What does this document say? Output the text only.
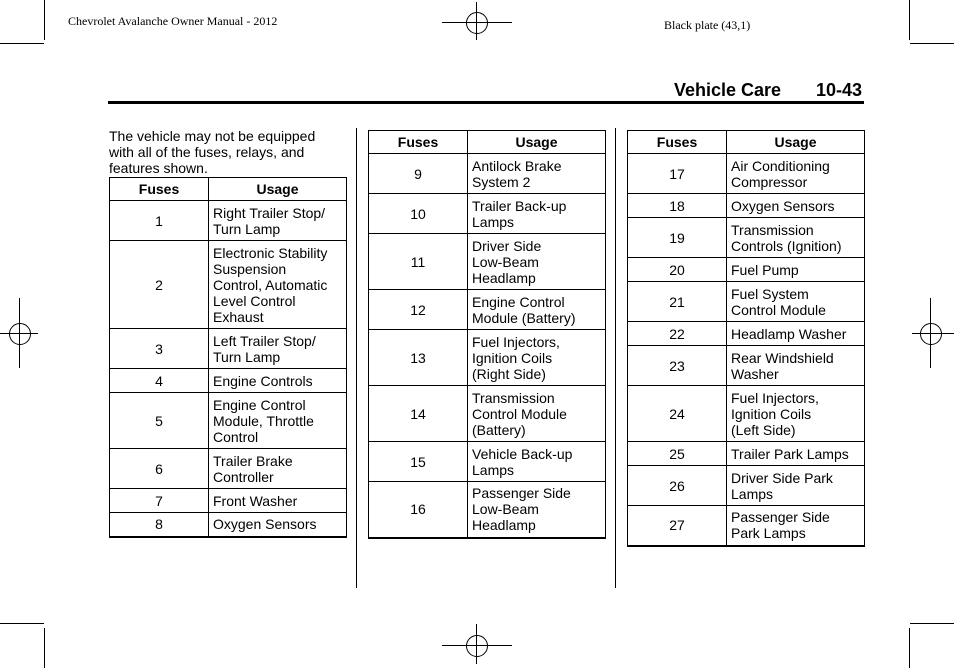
Chevrolet Avalanche Owner Manual - 2012	Black plate (43,1)
Vehicle Care 10-43
The vehicle may not be equipped with all of the fuses, relays, and features shown.
Fuses	Usage
1	Right Trailer Stop/
Turn Lamp
2	Electronic Stability
Suspension
Control, Automatic
Level Control
Exhaust
3	Left Trailer Stop/
Turn Lamp
4	Engine Controls
5	Engine Control
Module, Throttle
Control
6	Trailer Brake
Controller
7	Front Washer
8	Oxygen Sensors
Fuses	Usage
9	Antilock Brake
System 2
10	Trailer Back-up
Lamps
11	Driver Side
Low-Beam
Headlamp
12	Engine Control
Module (Battery)
13	Fuel Injectors,
Ignition Coils
(Right Side)
14	Transmission
Control Module
(Battery)
15	Vehicle Back-up
Lamps
16	Passenger Side
Low-Beam
Headlamp
Fuses	Usage
17	Air Conditioning
Compressor
18	Oxygen Sensors
19	Transmission
Controls (Ignition)
20	Fuel Pump
21	Fuel System
Control Module
22	Headlamp Washer
23	Rear Windshield
Washer
24	Fuel Injectors,
Ignition Coils
(Left Side)
25	Trailer Park Lamps
26	Driver Side Park
Lamps
27	Passenger Side
Park Lamps
